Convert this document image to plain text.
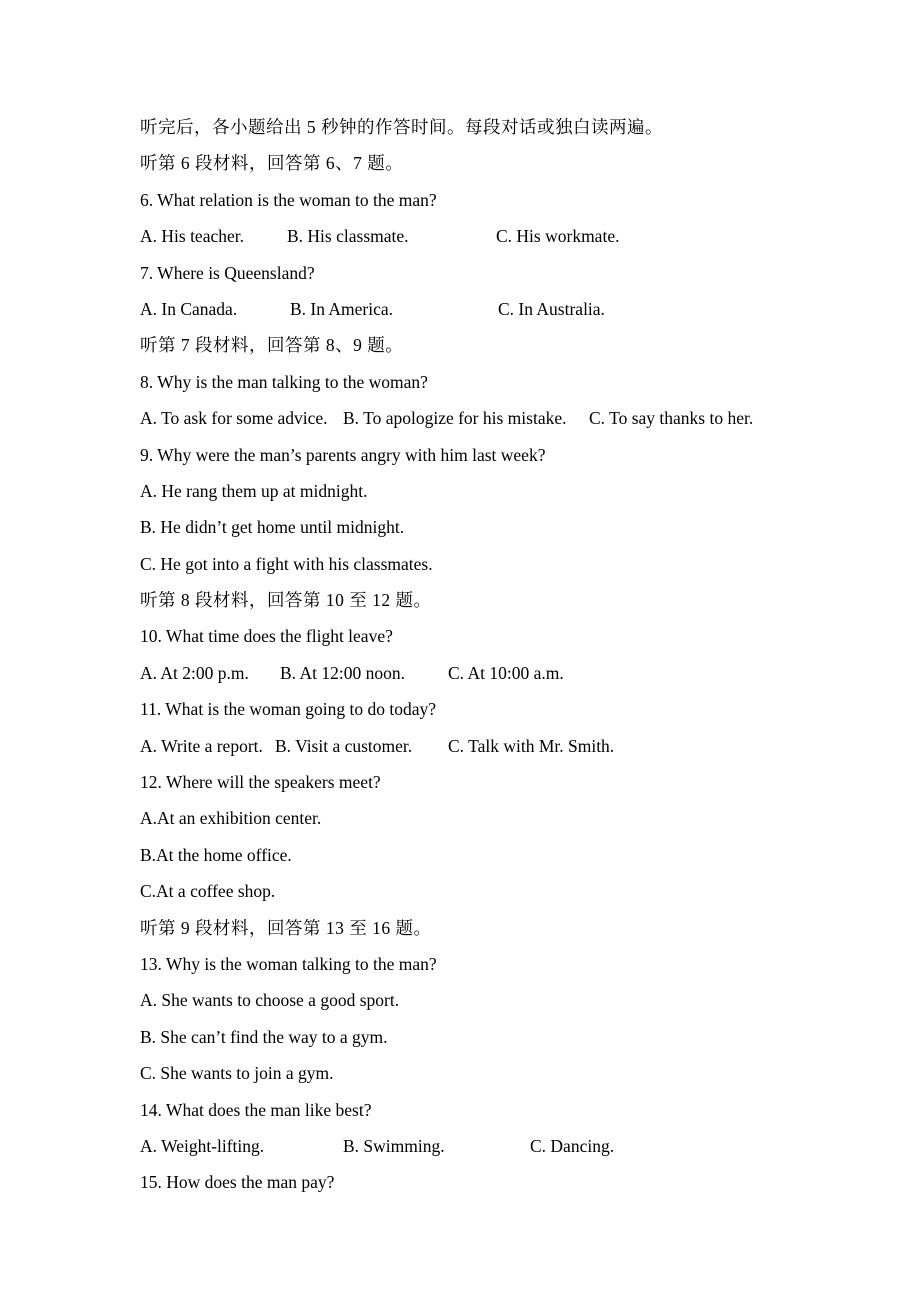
听完后，各小题给出 5 秒钟的作答时间。每段对话或独白读两遍。

听第 6 段材料，回答第 6、7 题。

6. What relation is the woman to the man?

A. His teacher. B. His classmate.	C. His workmate.

7. Where is Queensland?

A. In Canada.	B. In America.	C. In Australia.

听第 7 段材料，回答第 8、9 题。

8. Why is the man talking to the woman?

A. To ask for some advice. B. To apologize for his mistake. C. To say thanks to her.

9. Why were the man’s parents angry with him last week?

A. He rang them up at midnight.

B. He didn’t get home until midnight.

C. He got into a fight with his classmates.

听第 8 段材料，回答第 10 至 12 题。

10. What time does the flight leave?

A. At 2:00 p.m. B. At 12:00 noon. C. At 10:00 a.m.

11. What is the woman going to do today?

A. Write a report. B. Visit a customer. C. Talk with Mr. Smith.

12. Where will the speakers meet?

A.At an exhibition center.

B.At the home office.

C.At a coffee shop.

听第 9 段材料，回答第 13 至 16 题。

13. Why is the woman talking to the man?

A. She wants to choose a good sport.

B. She can’t find the way to a gym.

C. She wants to join a gym.

14. What does the man like best?

A. Weight-lifting.	B. Swimming.	C. Dancing.

15. How does the man pay?
